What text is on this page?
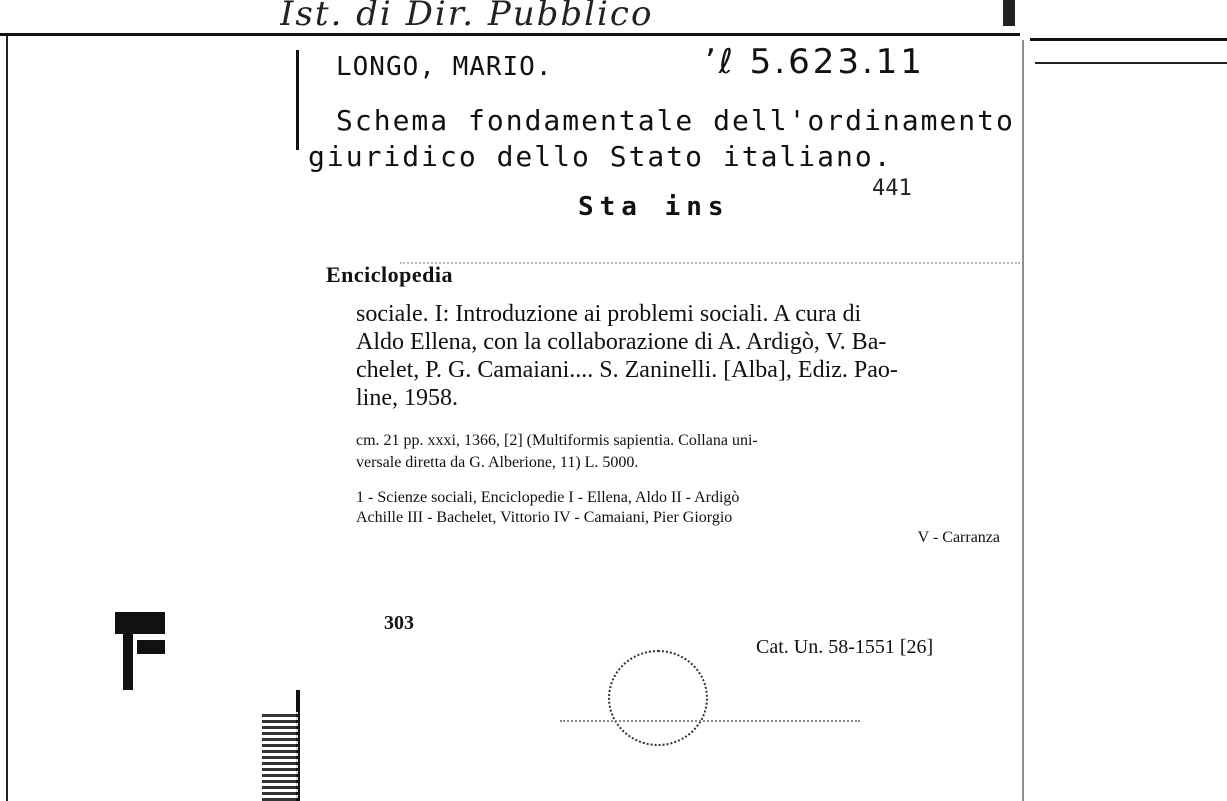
Ist. di Dir. Pubblico
LONGO, MARIO.	’ℓ 5.623.11
Schema fondamentale dell'ordinamento
giuridico dello Stato italiano.
Sta ins
441
Enciclopedia
sociale. I: Introduzione ai problemi sociali. A cura di
Aldo Ellena, con la collaborazione di A. Ardigò, V. Ba-
chelet, P. G. Camaiani.... S. Zaninelli. [Alba], Ediz. Pao-
line, 1958.
cm. 21 pp. xxxi, 1366, [2] (Multiformis sapientia. Collana uni-
versale diretta da G. Alberione, 11) L. 5000.
1 - Scienze sociali, Enciclopedie I - Ellena, Aldo II - Ardigò
Achille III - Bachelet, Vittorio IV - Camaiani, Pier Giorgio
V - Carranza
303
Cat. Un. 58-1551 [26]
